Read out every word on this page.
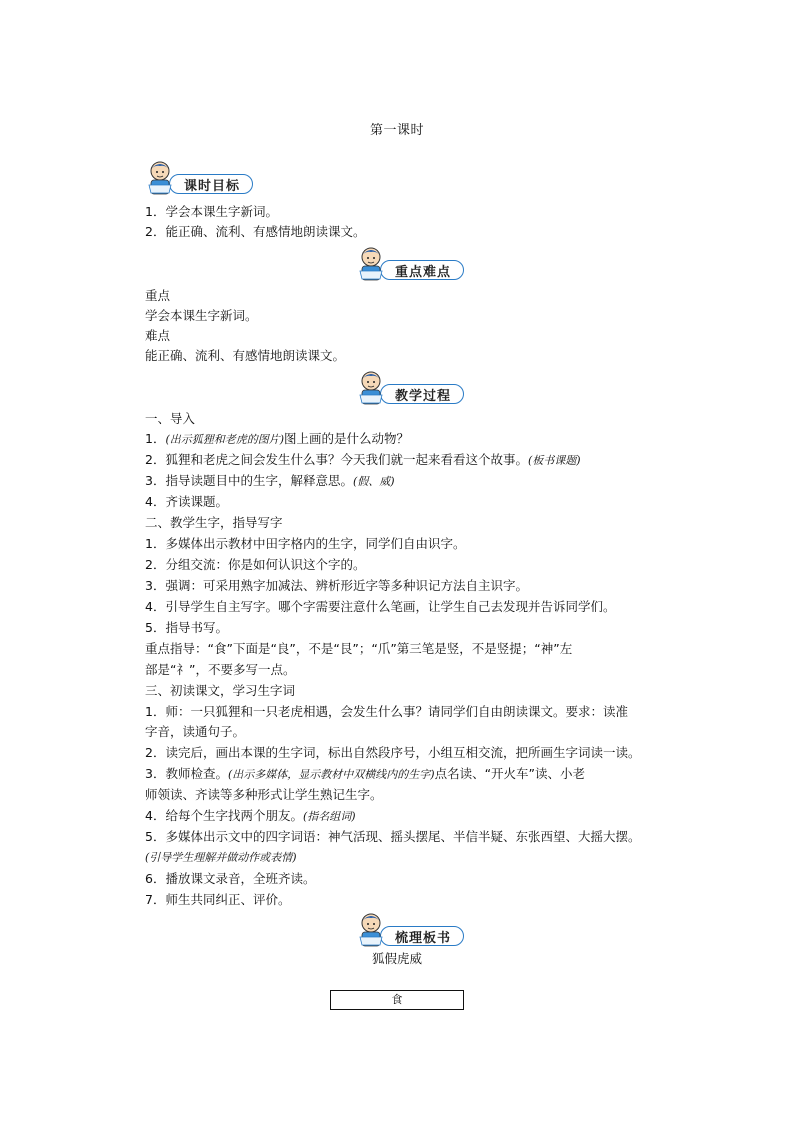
第一课时
课时目标
1．学会本课生字新词。
2．能正确、流利、有感情地朗读课文。
重点难点
重点
学会本课生字新词。
难点
能正确、流利、有感情地朗读课文。
教学过程
一、导入
1．(出示狐狸和老虎的图片)图上画的是什么动物？
2．狐狸和老虎之间会发生什么事？今天我们就一起来看看这个故事。(板书课题)
3．指导读题目中的生字，解释意思。(假、威)
4．齐读课题。
二、教学生字，指导写字
1．多媒体出示教材中田字格内的生字，同学们自由识字。
2．分组交流：你是如何认识这个字的。
3．强调：可采用熟字加减法、辨析形近字等多种识记方法自主识字。
4．引导学生自主写字。哪个字需要注意什么笔画，让学生自己去发现并告诉同学们。
5．指导书写。
重点指导：“食”下面是“良”，不是“艮”；“爪”第三笔是竖，不是竖提；“神”左
部是“礻”，不要多写一点。
三、初读课文，学习生字词
1．师：一只狐狸和一只老虎相遇，会发生什么事？请同学们自由朗读课文。要求：读准
字音，读通句子。
2．读完后，画出本课的生字词，标出自然段序号，小组互相交流，把所画生字词读一读。
3．教师检查。(出示多媒体，显示教材中双横线内的生字)点名读、“开火车”读、小老
师领读、齐读等多种形式让学生熟记生字。
4．给每个生字找两个朋友。(指名组词)
5．多媒体出示文中的四字词语：神气活现、摇头摆尾、半信半疑、东张西望、大摇大摆。
(引导学生理解并做动作或表情)
6．播放课文录音，全班齐读。
7．师生共同纠正、评价。
梳理板书
狐假虎威
食
